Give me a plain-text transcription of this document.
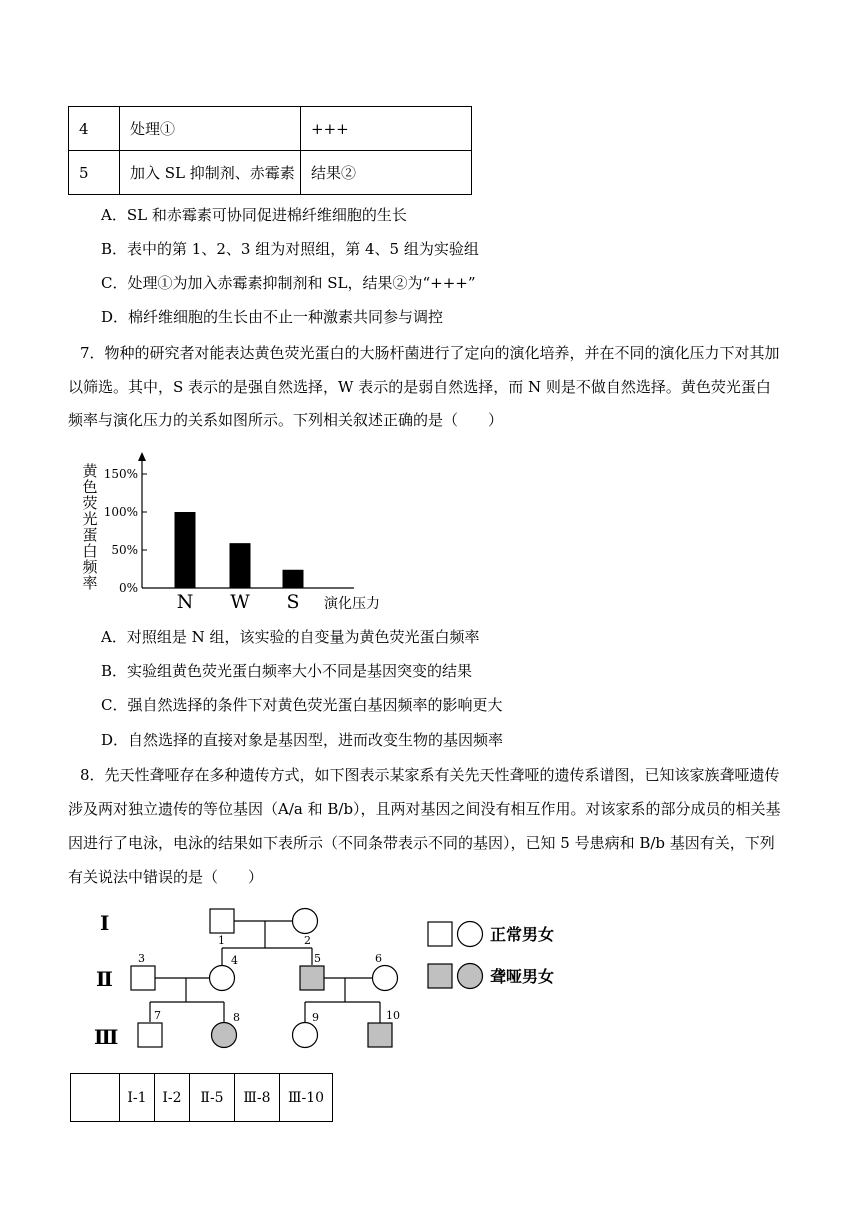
4	处理①	+++
5	加入 SL 抑制剂、赤霉素	结果②
A．SL 和赤霉素可协同促进棉纤维细胞的生长
B．表中的第 1、2、3 组为对照组，第 4、5 组为实验组
C．处理①为加入赤霉素抑制剂和 SL，结果②为“+++”
D．棉纤维细胞的生长由不止一种激素共同参与调控
7．物种的研究者对能表达黄色荧光蛋白的大肠杆菌进行了定向的演化培养，并在不同的演化压力下对其加
以筛选。其中，S 表示的是强自然选择，W 表示的是弱自然选择，而 N 则是不做自然选择。黄色荧光蛋白
频率与演化压力的关系如图所示。下列相关叙述正确的是（　　）
黄色荧光蛋白频率 0%
50%
100%
150%
N W S 演化压力
A．对照组是 N 组，该实验的自变量为黄色荧光蛋白频率
B．实验组黄色荧光蛋白频率大小不同是基因突变的结果
C．强自然选择的条件下对黄色荧光蛋白基因频率的影响更大
D．自然选择的直接对象是基因型，进而改变生物的基因频率
8．先天性聋哑存在多种遗传方式，如下图表示某家系有关先天性聋哑的遗传系谱图，已知该家族聋哑遗传
涉及两对独立遗传的等位基因（A/a 和 B/b），且两对基因之间没有相互作用。对该家系的部分成员的相关基
因进行了电泳，电泳的结果如下表所示（不同条带表示不同的基因），已知 5 号患病和 B/b 基因有关，下列
有关说法中错误的是（　　）
I
Ⅱ
Ⅲ
1	2
3	4	5	6
7	8	9	10
正常男女
聋哑男女
	I-1	I-2	Ⅱ-5	Ⅲ-8	Ⅲ-10
